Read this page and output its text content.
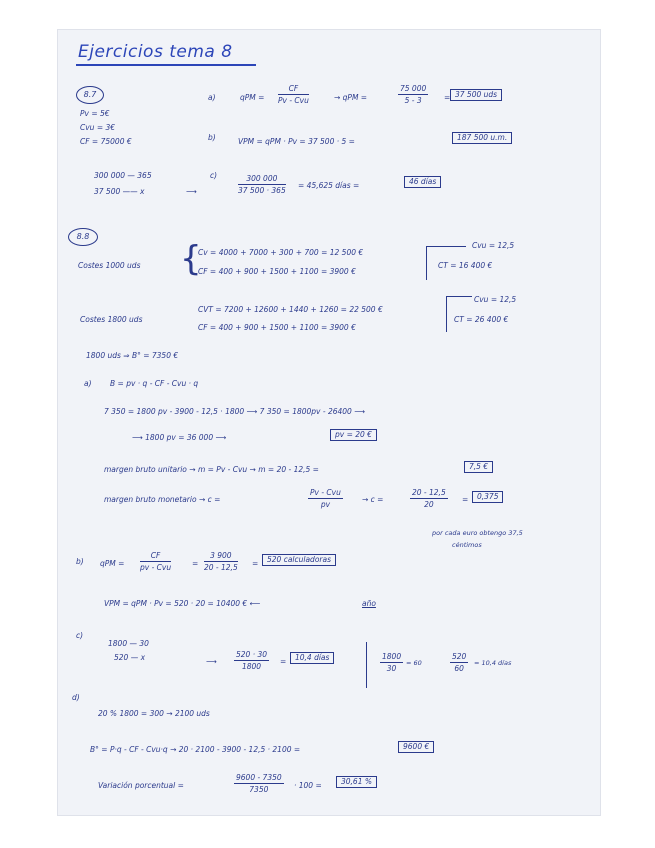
Ejercicios tema 8
8.7
Pv = 5€
Cvu = 3€
CF = 75000 €
a)	qPM =
CF
Pv - Cvu	→ qPM =	$\frac{75 000}{5 - 3} = 37$ 500 uds
b)	VPM = qPM · Pv = 37 500 · 5 =	187 500 u.m.
300 000 — 365
37 500 —— x
c)
⟶	$\frac{300 000}{37 500 \cdot 365} = 45,625$ días =	46 días
8.8
Costes 1000 uds {
Cv = 4000 + 7000 + 300 + 700 = 12 500 €
CF = 400 + 900 + 1500 + 1100 = 3900 €
Cvu = 12,5
CT = 16 400 €
Costes 1800 uds
CVT = 7200 + 12600 + 1440 + 1260 = 22 500 €
CF = 400 + 900 + 1500 + 1100 = 3900 €
Cvu = 12,5
CT = 26 400 €
1800 uds ⇒ B° = 7350 €
a) B = pv · q - CF - Cvu · q
7 350 = 1800 pv - 3900 - 12,5 · 1800 ⟶ 7 350 = 1800pv - 26400 ⟶
⟶ 1800 pv = 36 000 ⟶	pv = 20 €
margen bruto unitario → m = Pv - Cvu → m = 20 - 12,5 =	7,5 €
margen bruto monetario → c =
Pv - Cvu
pv	→ c =	$\frac{20 - 12,5}{20}$ =	0,375
por cada euro obtengo 37,5
céntimos
b) qPM =
CF
pv - Cvu	= $\frac{3 900}{20 - 12,5}$ =	520 calculadoras
VPM = qPM · Pv = 520 · 20 = 10400 € ⟵	año
c)
1800 — 30
520 — x	⟶ $\frac{520 \cdot 30}{1800}$ =	10,4 días	$\frac{1800}{30} = 60$	$\frac{520}{60} = 10,4$ días
d)
20 % 1800 = 300 → 2100 uds
B° = P·q - CF - Cvu·q → 20 · 2100 - 3900 - 12,5 · 2100 =	9600 €
Variación porcentual =	$\frac{9600 - 7350}{7350} \cdot 100$ =	30,61 %
